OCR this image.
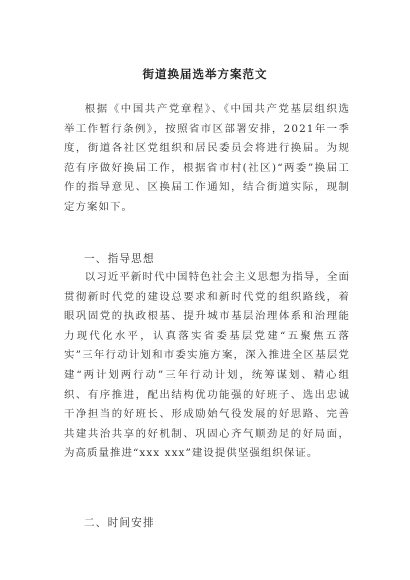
街道换届选举方案范文

根据《中国共产党章程》、《中国共产党基层组织选举工作暂行条例》，按照省市区部署安排，2021年一季度，街道各社区党组织和居民委员会将进行换届。为规范有序做好换届工作，根据省市村(社区)“两委”换届工作的指导意见、区换届工作通知，结合街道实际，现制定方案如下。

一、指导思想

以习近平新时代中国特色社会主义思想为指导，全面贯彻新时代党的建设总要求和新时代党的组织路线，着眼巩固党的执政根基、提升城市基层治理体系和治理能力现代化水平，认真落实省委基层党建“五聚焦五落实”三年行动计划和市委实施方案，深入推进全区基层党建“两计划两行动”三年行动计划，统筹谋划、精心组织、有序推进，配出结构优功能强的好班子、选出忠诚干净担当的好班长、形成励始气役发展的好思路、完善共建共治共享的好机制、巩固心齐气顺劲足的好局面，为高质量推进“xxx xxx”建设提供坚强组织保证。

二、时间安排
